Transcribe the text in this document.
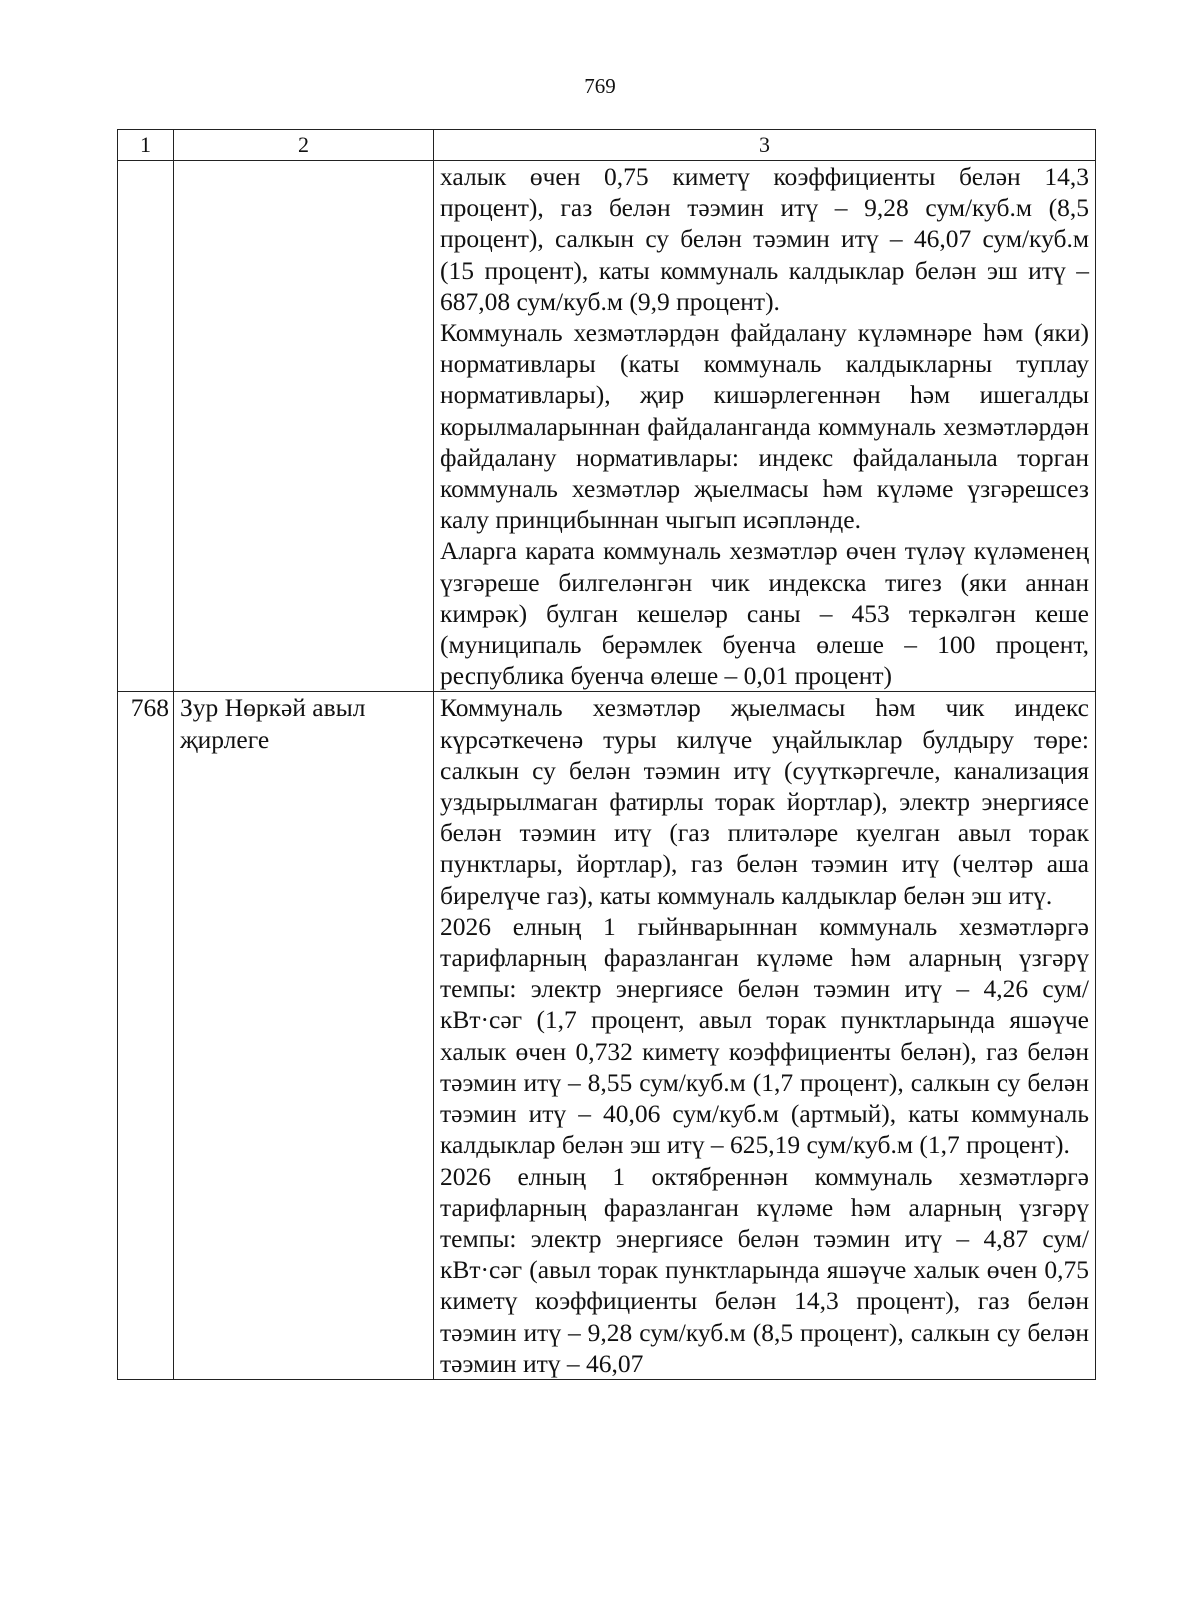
769
1	2	3

		халык өчен 0,75 киметү коэффициенты белән 14,3 процент), газ белән тәэмин итү – 9,28 сум/куб.м (8,5 процент), салкын су белән тәэмин итү – 46,07 сум/куб.м (15 процент), каты коммуналь калдыклар белән эш итү – 687,08 сум/куб.м (9,9 процент).

Коммуналь хезмәтләрдән файдалану күләмнәре һәм (яки) нормативлары (каты коммуналь калдыкларны туплау нормативлары), җир кишәрлегеннән һәм ишегалды корылмаларыннан файдаланганда коммуналь хезмәтләрдән файдалану нормативлары: индекс файдаланыла торган коммуналь хезмәтләр җыелмасы һәм күләме үзгәрешсез калу принцибыннан чыгып исәпләнде.

Аларга карата коммуналь хезмәтләр өчен түләү күләменең үзгәреше билгеләнгән чик индекска тигез (яки аннан кимрәк) булган кешеләр саны – 453 теркәлгән кеше (муниципаль берәмлек буенча өлеше – 100 процент, республика буенча өлеше – 0,01 процент)

768	Зур Нөркәй авыл җирлеге	Коммуналь хезмәтләр җыелмасы һәм чик индекс күрсәткеченә туры килүче уңайлыклар булдыру төре: салкын су белән тәэмин итү (суүткәргечле, канализация уздырылмаган фатирлы торак йортлар), электр энергиясе белән тәэмин итү (газ плитәләре куелган авыл торак пунктлары, йортлар), газ белән тәэмин итү (челтәр аша бирелүче газ), каты коммуналь калдыклар белән эш итү.

2026 елның 1 гыйнварыннан коммуналь хезмәтләргә тарифларның фаразланган күләме һәм аларның үзгәрү темпы: электр энергиясе белән тәэмин итү – 4,26 сум/кВт·сәг (1,7 процент, авыл торак пунктларында яшәүче халык өчен 0,732 киметү коэффициенты белән), газ белән тәэмин итү – 8,55 сум/куб.м (1,7 процент), салкын су белән тәэмин итү – 40,06 сум/куб.м (артмый), каты коммуналь калдыклар белән эш итү – 625,19 сум/куб.м (1,7 процент).

2026 елның 1 октябреннән коммуналь хезмәтләргә тарифларның фаразланган күләме һәм аларның үзгәрү темпы: электр энергиясе белән тәэмин итү – 4,87 сум/кВт·сәг (авыл торак пунктларында яшәүче халык өчен 0,75 киметү коэффициенты белән 14,3 процент), газ белән тәэмин итү – 9,28 сум/куб.м (8,5 процент), салкын су белән тәэмин итү – 46,07
